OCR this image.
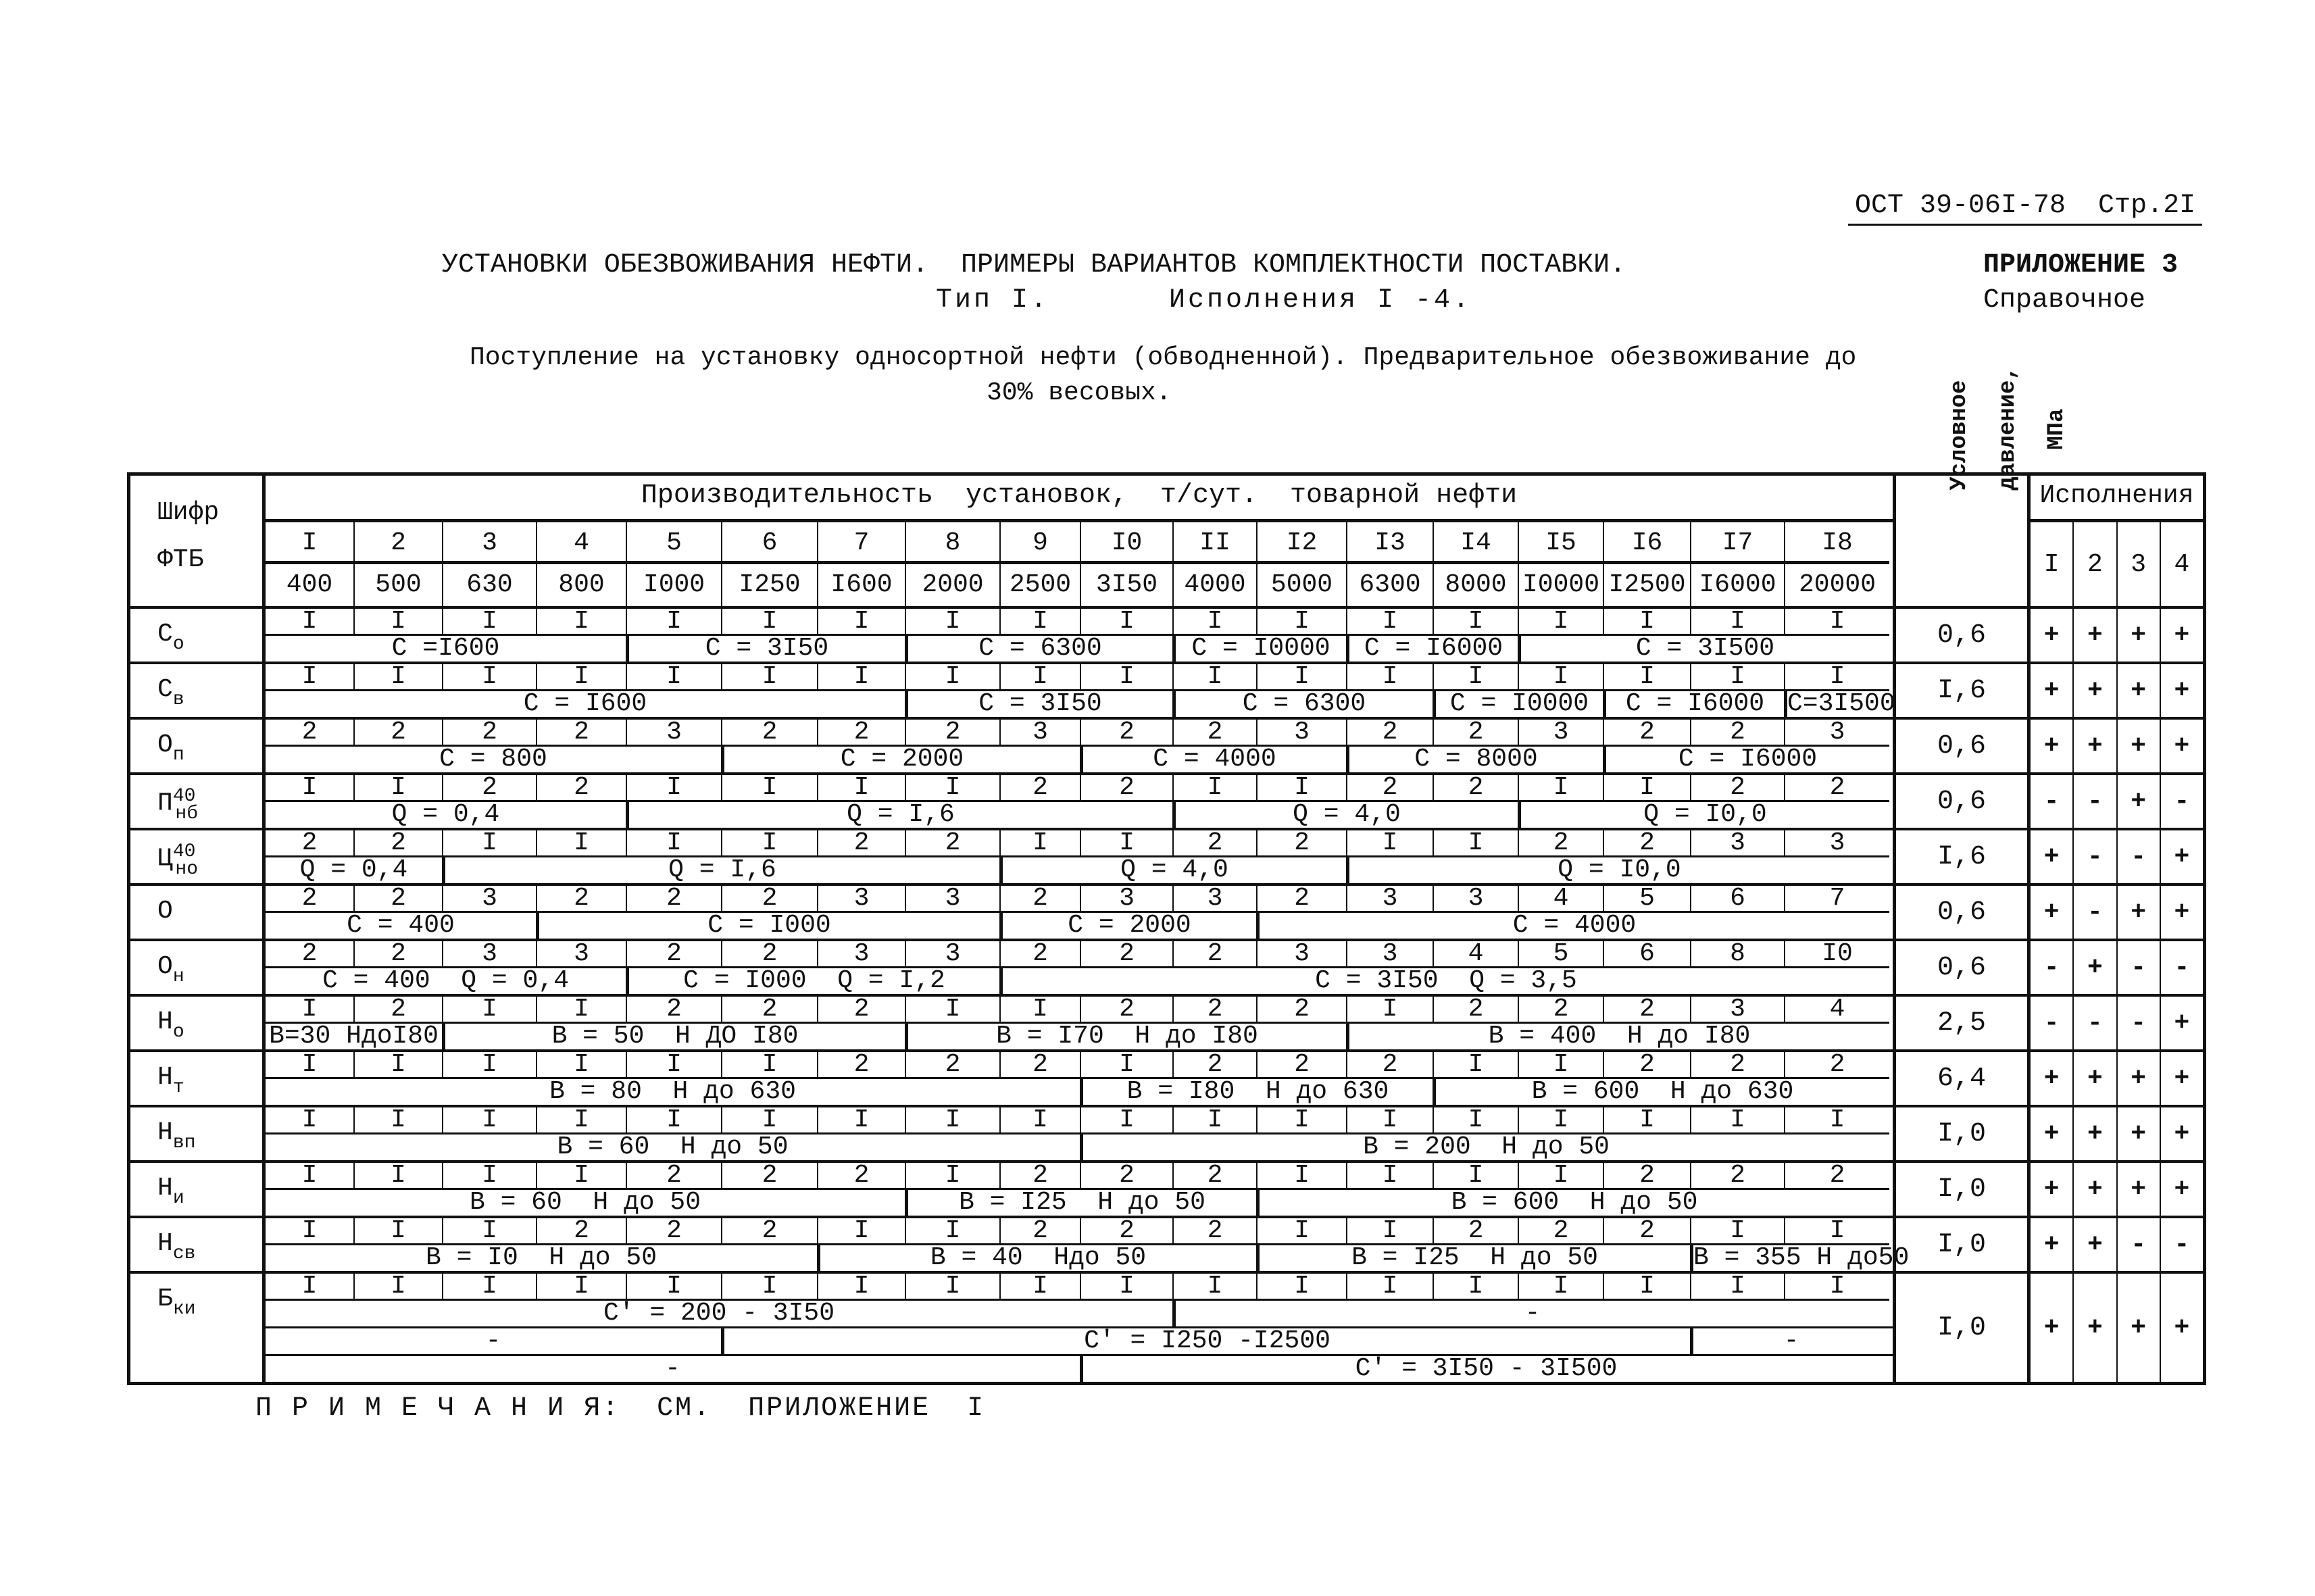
ОСТ 39-06I-78  Стр.2I
УСТАНОВКИ ОБЕЗВОЖИВАНИЯ НЕФТИ.  ПРИМЕРЫ ВАРИАНТОВ КОМПЛЕКТНОСТИ ПОСТАВКИ.
Тип I.	Исполнения I -4.
ПРИЛОЖЕНИЕ 3
Справочное
Поступление на установку односортной нефти (обводненной). Предварительное обезвоживание до
30% весовых.
Шифр
ФТБ
Производительность  установок,  т/сут.  товарной нефти
I	2	3	4	5	6	7	8	9	I0	II	I2	I3	I4	I5	I6	I7	I8
400	500	630	800	I000	I250	I600	2000	2500 3I50	4000 5000	6300 8000 I0000 I2500 I6000 20000

Условное давление, МПа

Исполнения
I	2	3	4
$С_о$
I	I	I	I	I	I	I	I	I	I	I	I	I	I	I	I	I	I
C =I600	C = 3I50	C = 6300	C = I0000	C = I6000	C = 3I500	0,6	+	+	+	+
$С_в$
I	I	I	I	I	I	I	I	I	I	I	I	I	I	I	I	I	I
C = I600	C = 3I50	C = 6300	C = I0000	C = I6000 C=3I500	I,6	+	+	+	+
$О_п$
2	2	2	2	3	2	2	2	3	2	2	3	2	2	3	2	2	3
C = 800	C = 2000	C = 4000	C = 8000	C = I6000	0,6	+	+	+	+
$П^{40}_{нб}$
I	I	2	2	I	I	I	I	2	2	I	I	2	2	I	I	2	2
Q = 0,4	Q = I,6	Q = 4,0	Q = I0,0	0,6	-	-	+	-
$Ц^{40}_{но}$
2	2	I	I	I	I	2	2	I	I	2	2	I	I	2	2	3	3
Q = 0,4	Q = I,6	Q = 4,0	Q = I0,0	I,6	+	-	-	+
О	2	2	3	2	2	2	3	3	2	3	3	2	3	3	4	5	6	7
C = 400	C = I000	C = 2000	C = 4000	0,6	+	-	+	+
$О_н$
2	2	3	3	2	2	3	3	2	2	2	3	3	4	5	6	8	I0
C = 400  Q = 0,4	C = I000  Q = I,2	C = 3I50  Q = 3,5	0,6	-	+	-	-
$Н_о$
I	2	I	I	2	2	2	I	I	2	2	2	I	2	2	2	3	4
B=30 НдоI80	B = 50  Н ДО I80	B = I70  Н до I80	B = 400  Н до I80	2,5	-	-	-	+
$Н_т$
I	I	I	I	I	I	2	2	2	I	2	2	2	I	I	2	2	2
B = 80  Н до 630	B = I80  Н до 630	B = 600  Н до 630	6,4	+	+	+	+
$Н_{вп}$
I	I	I	I	I	I	I	I	I	I	I	I	I	I	I	I	I	I
B = 60  Н до 50	B = 200  Н до 50	I,0	+	+	+	+
$Н_и$
I	I	I	I	2	2	2	I	2	2	2	I	I	I	I	2	2	2
B = 60  Н до 50	B = I25  Н до 50	B = 600  Н до 50	I,0	+	+	+	+
$Н_{св}$
I	I	I	2	2	2	I	I	2	2	2	I	I	2	2	2	I	I
B = I0  Н до 50	B = 40  Ндо 50	B = I25  Н до 50	B = 355 Н до50	I,0	+	+	-	-
$Б_{ки}$
I	I	I	I	I	I	I	I	I	I	I	I	I	I	I	I	I	I
C' = 200 - 3I50	-
-	C' = I250 -I2500	-
-	C' = 3I50 - 3I500
I,0	+	+	+	+
П Р И М Е Ч А Н И Я:  СМ.  ПРИЛОЖЕНИЕ  I
